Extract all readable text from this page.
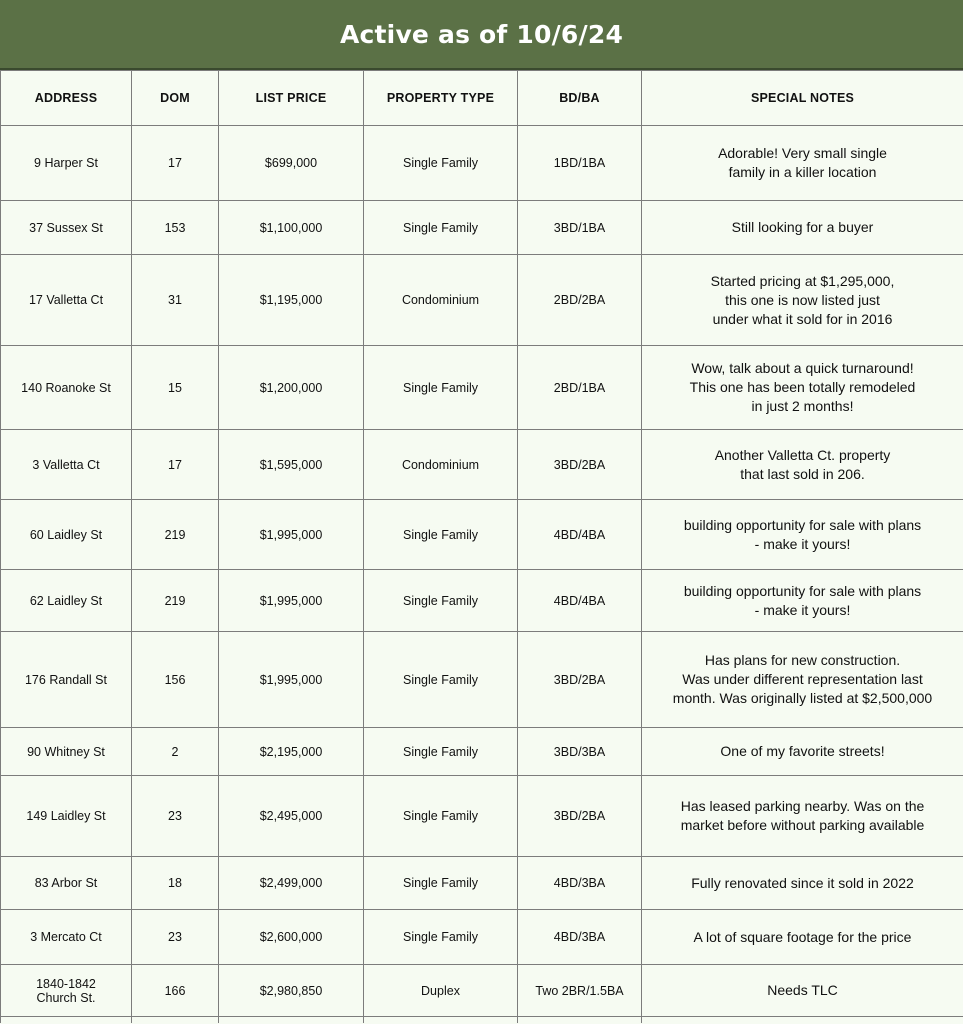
Active as of 10/6/24
ADDRESS	DOM	LIST PRICE	PROPERTY TYPE	BD/BA	SPECIAL NOTES
9 Harper St	17	$699,000	Single Family	1BD/1BA	Adorable! Very small single
family in a killer location
37 Sussex St	153	$1,100,000	Single Family	3BD/1BA	Still looking for a buyer
17 Valletta Ct	31	$1,195,000	Condominium	2BD/2BA	Started pricing at $1,295,000,
this one is now listed just
under what it sold for in 2016
140 Roanoke St	15	$1,200,000	Single Family	2BD/1BA	Wow, talk about a quick turnaround!
This one has been totally remodeled
in just 2 months!
3 Valletta Ct	17	$1,595,000	Condominium	3BD/2BA	Another Valletta Ct. property
that last sold in 206.
60 Laidley St	219	$1,995,000	Single Family	4BD/4BA	building opportunity for sale with plans
- make it yours!
62 Laidley St	219	$1,995,000	Single Family	4BD/4BA	building opportunity for sale with plans
- make it yours!
176 Randall St	156	$1,995,000	Single Family	3BD/2BA	Has plans for new construction.
Was under different representation last
month. Was originally listed at $2,500,000
90 Whitney St	2	$2,195,000	Single Family	3BD/3BA	One of my favorite streets!
149 Laidley St	23	$2,495,000	Single Family	3BD/2BA	Has leased parking nearby. Was on the
market before without parking available
83 Arbor St	18	$2,499,000	Single Family	4BD/3BA	Fully renovated since it sold in 2022
3 Mercato Ct	23	$2,600,000	Single Family	4BD/3BA	A lot of square footage for the price
1840-1842
Church St.	166	$2,980,850	Duplex	Two 2BR/1.5BA	Needs TLC
